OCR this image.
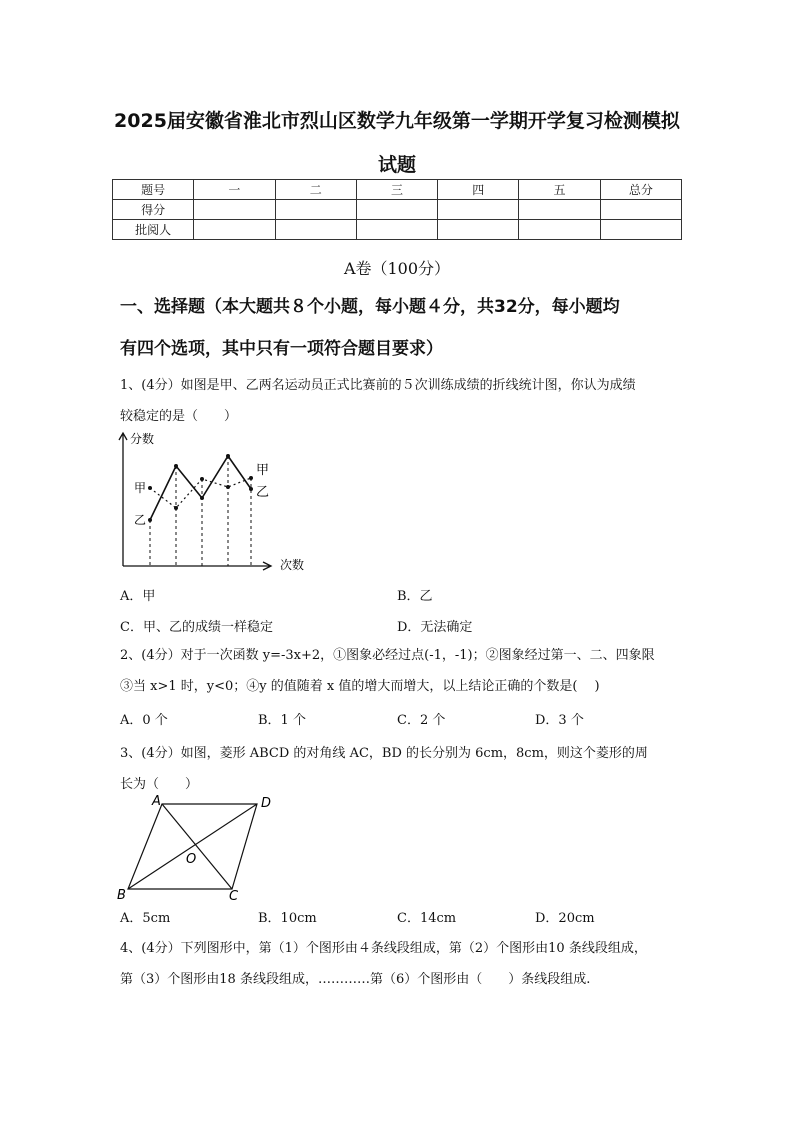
2025届安徽省淮北市烈山区数学九年级第一学期开学复习检测模拟
试题
题号	一	二	三	四	五	总分
得分						
批阅人						
A卷（100分）
一、选择题（本大题共８个小题，每小题４分，共32分，每小题均
有四个选项，其中只有一项符合题目要求）
1、(4分）如图是甲、乙两名运动员正式比赛前的５次训练成绩的折线统计图，你认为成绩
较稳定的是（　　）
分数
次数
甲
乙
甲
乙
A．甲	B．乙
C．甲、乙的成绩一样稳定	D．无法确定
2、(4分）对于一次函数 y=-3x+2，①图象必经过点(-1，-1)；②图象经过第一、二、四象限
③当 x>1 时，y<0；④y 的值随着 x 值的增大而增大，以上结论正确的个数是(　 )
A．0 个	B．1 个	C．2 个	D．3 个
3、(4分）如图，菱形 ABCD 的对角线 AC，BD 的长分别为 6cm，8cm，则这个菱形的周
长为（　　）
A	D
B	C
O
A．5cm	B．10cm	C．14cm	D．20cm
4、(4分）下列图形中，第（1）个图形由４条线段组成，第（2）个图形由10 条线段组成，
第（3）个图形由18 条线段组成，…………第（6）个图形由（　　）条线段组成.
